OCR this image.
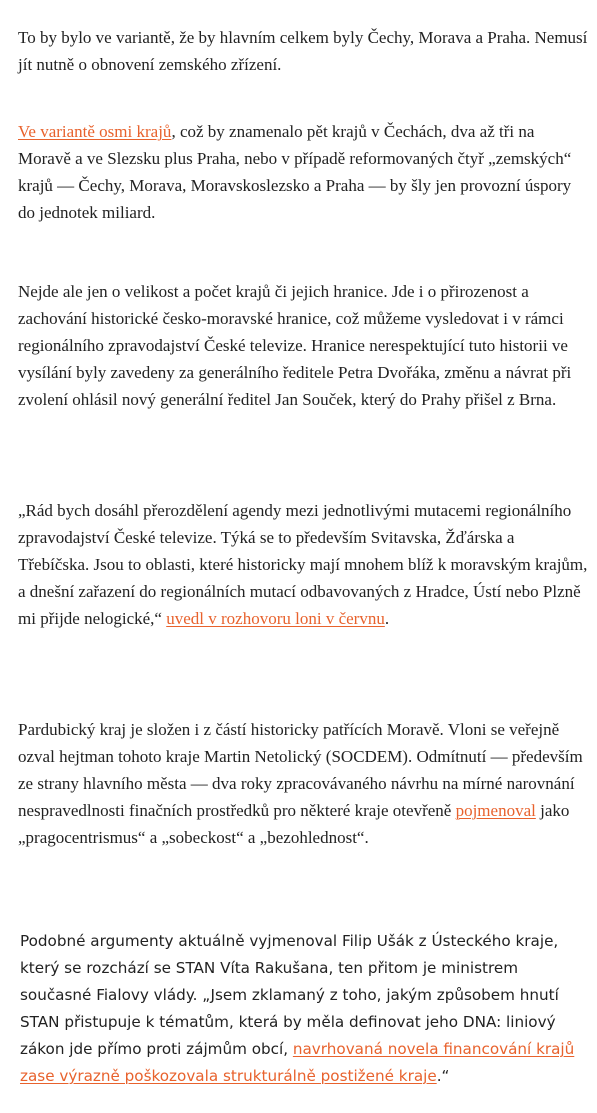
To by bylo ve variantě, že by hlavním celkem byly Čechy, Morava a Praha. Nemusí jít nutně o obnovení zemského zřízení.

Ve variantě osmi krajů, což by znamenalo pět krajů v Čechách, dva až tři na Moravě a ve Slezsku plus Praha, nebo v případě reformovaných čtyř „zemských“ krajů — Čechy, Morava, Moravskoslezsko a Praha — by šly jen provozní úspory do jednotek miliard.

Nejde ale jen o velikost a počet krajů či jejich hranice. Jde i o přirozenost a zachování historické česko-moravské hranice, což můžeme vysledovat i v rámci regionálního zpravodajství České televize. Hranice nerespektující tuto historii ve vysílání byly zavedeny za generálního ředitele Petra Dvořáka, změnu a návrat při zvolení ohlásil nový generální ředitel Jan Souček, který do Prahy přišel z Brna.

„Rád bych dosáhl přerozdělení agendy mezi jednotlivými mutacemi regionálního zpravodajství České televize. Týká se to především Svitavska, Žďárska a Třebíčska. Jsou to oblasti, které historicky mají mnohem blíž k moravským krajům, a dnešní zařazení do regionálních mutací odbavovaných z Hradce, Ústí nebo Plzně mi přijde nelogické,“ uvedl v rozhovoru loni v červnu.

Pardubický kraj je složen i z částí historicky patřících Moravě. Vloni se veřejně ozval hejtman tohoto kraje Martin Netolický (SOCDEM). Odmítnutí — především ze strany hlavního města — dva roky zpracovávaného návrhu na mírné narovnání nespravedlnosti finačních prostředků pro některé kraje otevřeně pojmenoval jako „pragocentrismus“ a „sobeckost“ a „bezohlednost“.

Podobné argumenty aktuálně vyjmenoval Filip Ušák z Ústeckého kraje, který se rozchází se STAN Víta Rakušana, ten přitom je ministrem současné Fialovy vlády. „Jsem zklamaný z toho, jakým způsobem hnutí STAN přistupuje k tématům, která by měla definovat jeho DNA: liniový zákon jde přímo proti zájmům obcí, navrhovaná novela financování krajů zase výrazně poškozovala strukturálně postižené kraje.“
